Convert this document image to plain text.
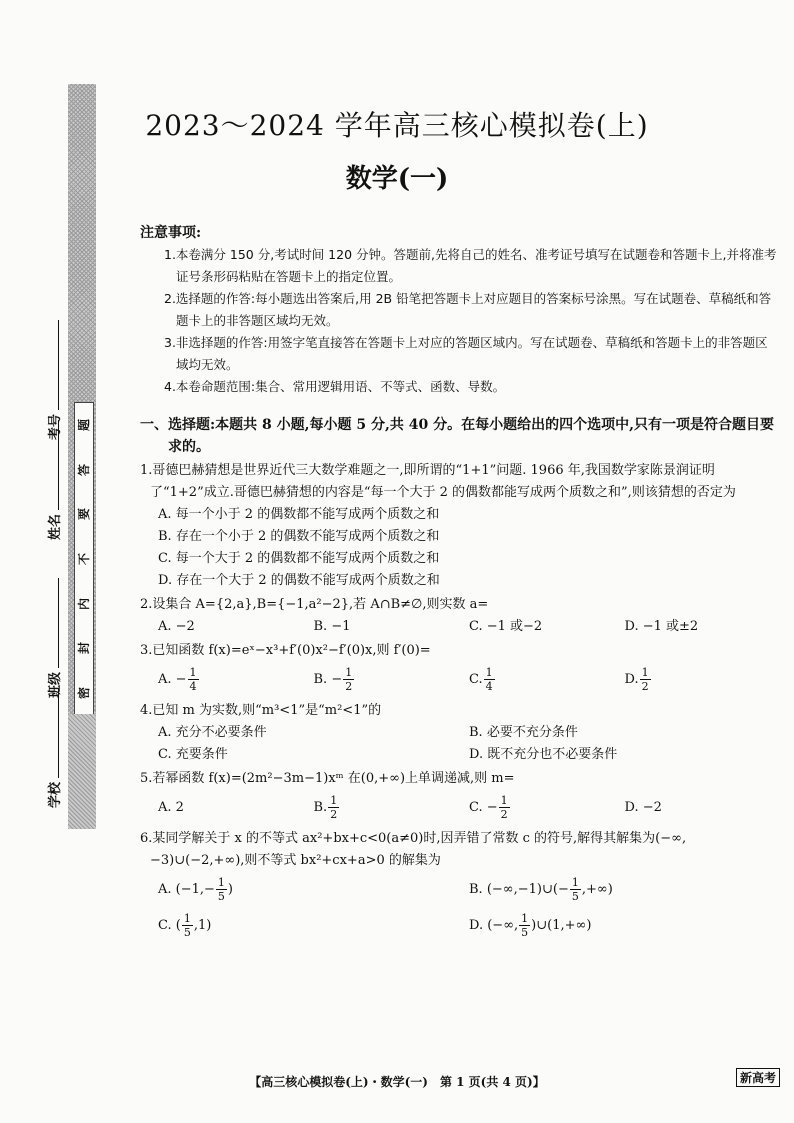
题
答
要
不
内
封
密
学校
班级
姓名
考号
2023～2024 学年高三核心模拟卷(上)
数学(一)
注意事项:
1.本卷满分 150 分,考试时间 120 分钟。答题前,先将自己的姓名、准考证号填写在试题卷和答题卡上,并将准考证号条形码粘贴在答题卡上的指定位置。
2.选择题的作答:每小题选出答案后,用 2B 铅笔把答题卡上对应题目的答案标号涂黑。写在试题卷、草稿纸和答题卡上的非答题区域均无效。
3.非选择题的作答:用签字笔直接答在答题卡上对应的答题区域内。写在试题卷、草稿纸和答题卡上的非答题区域均无效。
4.本卷命题范围:集合、常用逻辑用语、不等式、函数、导数。
一、选择题:本题共 8 小题,每小题 5 分,共 40 分。在每小题给出的四个选项中,只有一项是符合题目要求的。
1.哥德巴赫猜想是世界近代三大数学难题之一,即所谓的“1+1”问题. 1966 年,我国数学家陈景润证明了“1+2”成立.哥德巴赫猜想的内容是“每一个大于 2 的偶数都能写成两个质数之和”,则该猜想的否定为
A. 每一个小于 2 的偶数都不能写成两个质数之和
B. 存在一个小于 2 的偶数不能写成两个质数之和
C. 每一个大于 2 的偶数都不能写成两个质数之和
D. 存在一个大于 2 的偶数不能写成两个质数之和
2.设集合 A={2,a},B={−1,a²−2},若 A∩B≠∅,则实数 a=
A. −2	B. −1	C. −1 或−2	D. −1 或±2
3.已知函数 f(x)=eˣ−x³+f′(0)x²−f′(0)x,则 f′(0)=
A. − $\frac{1}{4}$	B. − $\frac{1}{2}$	C. $\frac{1}{4}$	D. $\frac{1}{2}$
4.已知 m 为实数,则“m³<1”是“m²<1”的
A. 充分不必要条件	B. 必要不充分条件
C. 充要条件	D. 既不充分也不必要条件
5.若幂函数 f(x)=(2m²−3m−1)xᵐ 在(0,+∞)上单调递减,则 m=
A. 2	B. $\frac{1}{2}$	C. − $\frac{1}{2}$	D. −2
6.某同学解关于 x 的不等式 ax²+bx+c<0(a≠0)时,因弄错了常数 c 的符号,解得其解集为(−∞,−3)∪(−2,+∞),则不等式 bx²+cx+a>0 的解集为
A. ($-1,- \frac{1}{5}$ )	B. (−∞,−1)∪(− $\frac{1}{5}$ ,+∞)
C. ( $\frac{1}{5} ,1$)	D. (−∞, $\frac{1}{5}$ )∪(1,+∞)
【高三核心模拟卷(上)・数学(一)　第 1 页(共 4 页)】	新高考
